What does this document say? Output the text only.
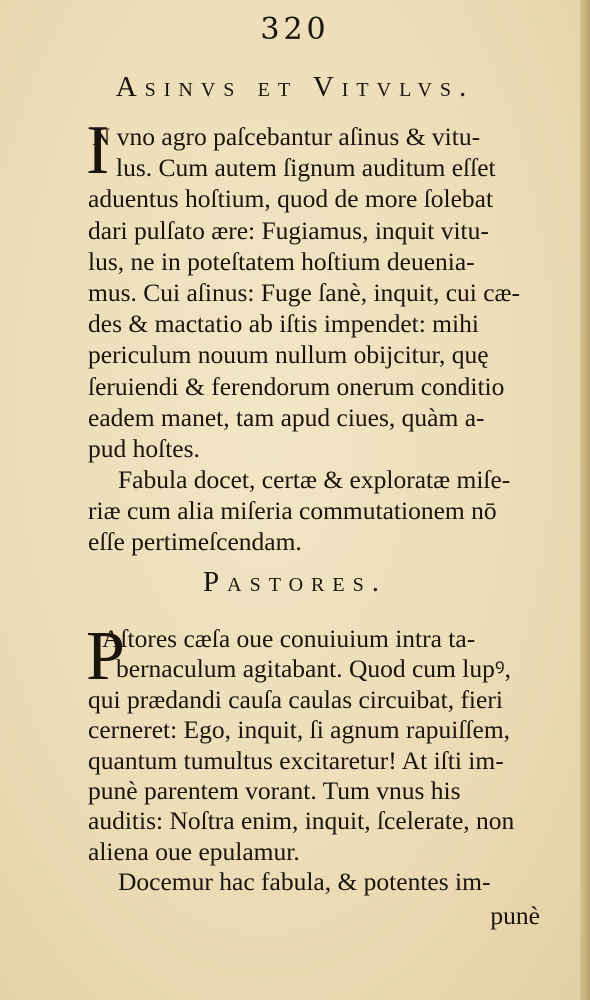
320
Asinvs et Vitvlvs.
I
N vno agro paſcebantur aſinus & vitu-
lus. Cum autem ſignum auditum eſſet
aduentus hoſtium, quod de more ſolebat
dari pulſato ære: Fugiamus, inquit vitu-
lus, ne in poteſtatem hoſtium deuenia-
mus. Cui aſinus: Fuge ſanè, inquit, cui cæ-
des & mactatio ab iſtis impendet: mihi
periculum nouum nullum obijcitur, quę
ſeruiendi & ferendorum onerum conditio
eadem manet, tam apud ciues, quàm a-
pud hoſtes.
Fabula docet, certæ & exploratæ miſe-
riæ cum alia miſeria commutationem nō
eſſe pertimeſcendam.
Pastores.
P
Aſtores cæſa oue conuiuium intra ta-
bernaculum agitabant. Quod cum lupꝰ,
qui prædandi cauſa caulas circuibat, fieri
cerneret: Ego, inquit, ſi agnum rapuiſſem,
quantum tumultus excitaretur! At iſti im-
punè parentem vorant. Tum vnus his
auditis: Noſtra enim, inquit, ſcelerate, non
aliena oue epulamur.
Docemur hac fabula, & potentes im-
punè
